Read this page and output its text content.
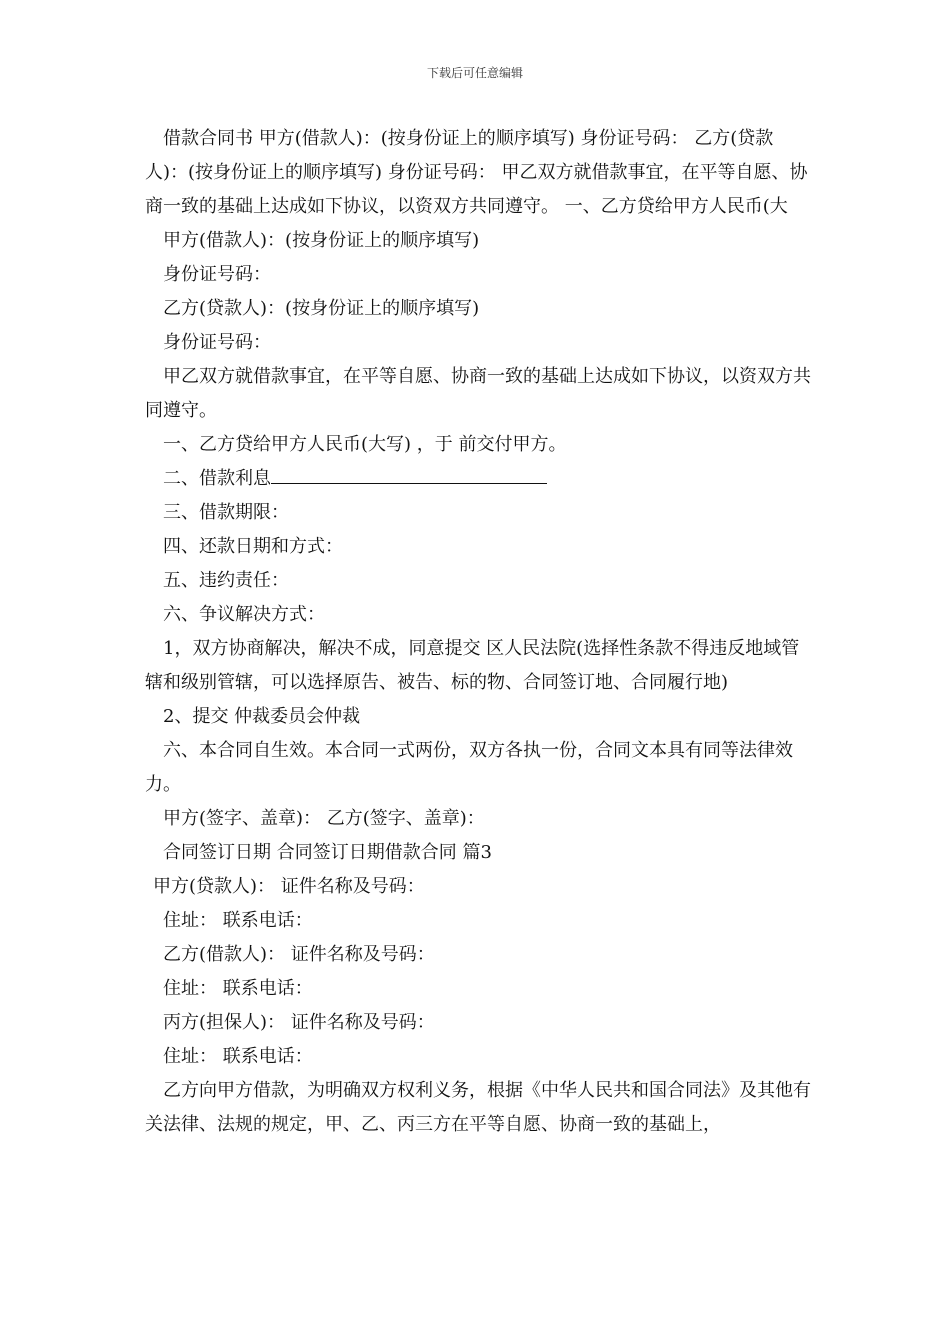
下载后可任意编辑

借款合同书 甲方(借款人)：(按身份证上的顺序填写) 身份证号码： 乙方(贷款人)：(按身份证上的顺序填写) 身份证号码： 甲乙双方就借款事宜，在平等自愿、协商一致的基础上达成如下协议，以资双方共同遵守。 一、乙方贷给甲方人民币(大

甲方(借款人)：(按身份证上的顺序填写)

身份证号码：

乙方(贷款人)：(按身份证上的顺序填写)

身份证号码：

甲乙双方就借款事宜，在平等自愿、协商一致的基础上达成如下协议，以资双方共同遵守。

一、乙方贷给甲方人民币(大写) ，于 前交付甲方。

二、借款利息

三、借款期限：

四、还款日期和方式：

五、违约责任：

六、争议解决方式：

1，双方协商解决，解决不成，同意提交 区人民法院(选择性条款不得违反地域管辖和级别管辖，可以选择原告、被告、标的物、合同签订地、合同履行地)

2、提交 仲裁委员会仲裁

六、本合同自生效。本合同一式两份，双方各执一份，合同文本具有同等法律效力。

甲方(签字、盖章)： 乙方(签字、盖章)：

合同签订日期 合同签订日期借款合同 篇3

甲方(贷款人)： 证件名称及号码：

住址： 联系电话：

乙方(借款人)： 证件名称及号码：

住址： 联系电话：

丙方(担保人)： 证件名称及号码：

住址： 联系电话：

乙方向甲方借款，为明确双方权利义务，根据《中华人民共和国合同法》及其他有关法律、法规的规定，甲、乙、丙三方在平等自愿、协商一致的基础上，
